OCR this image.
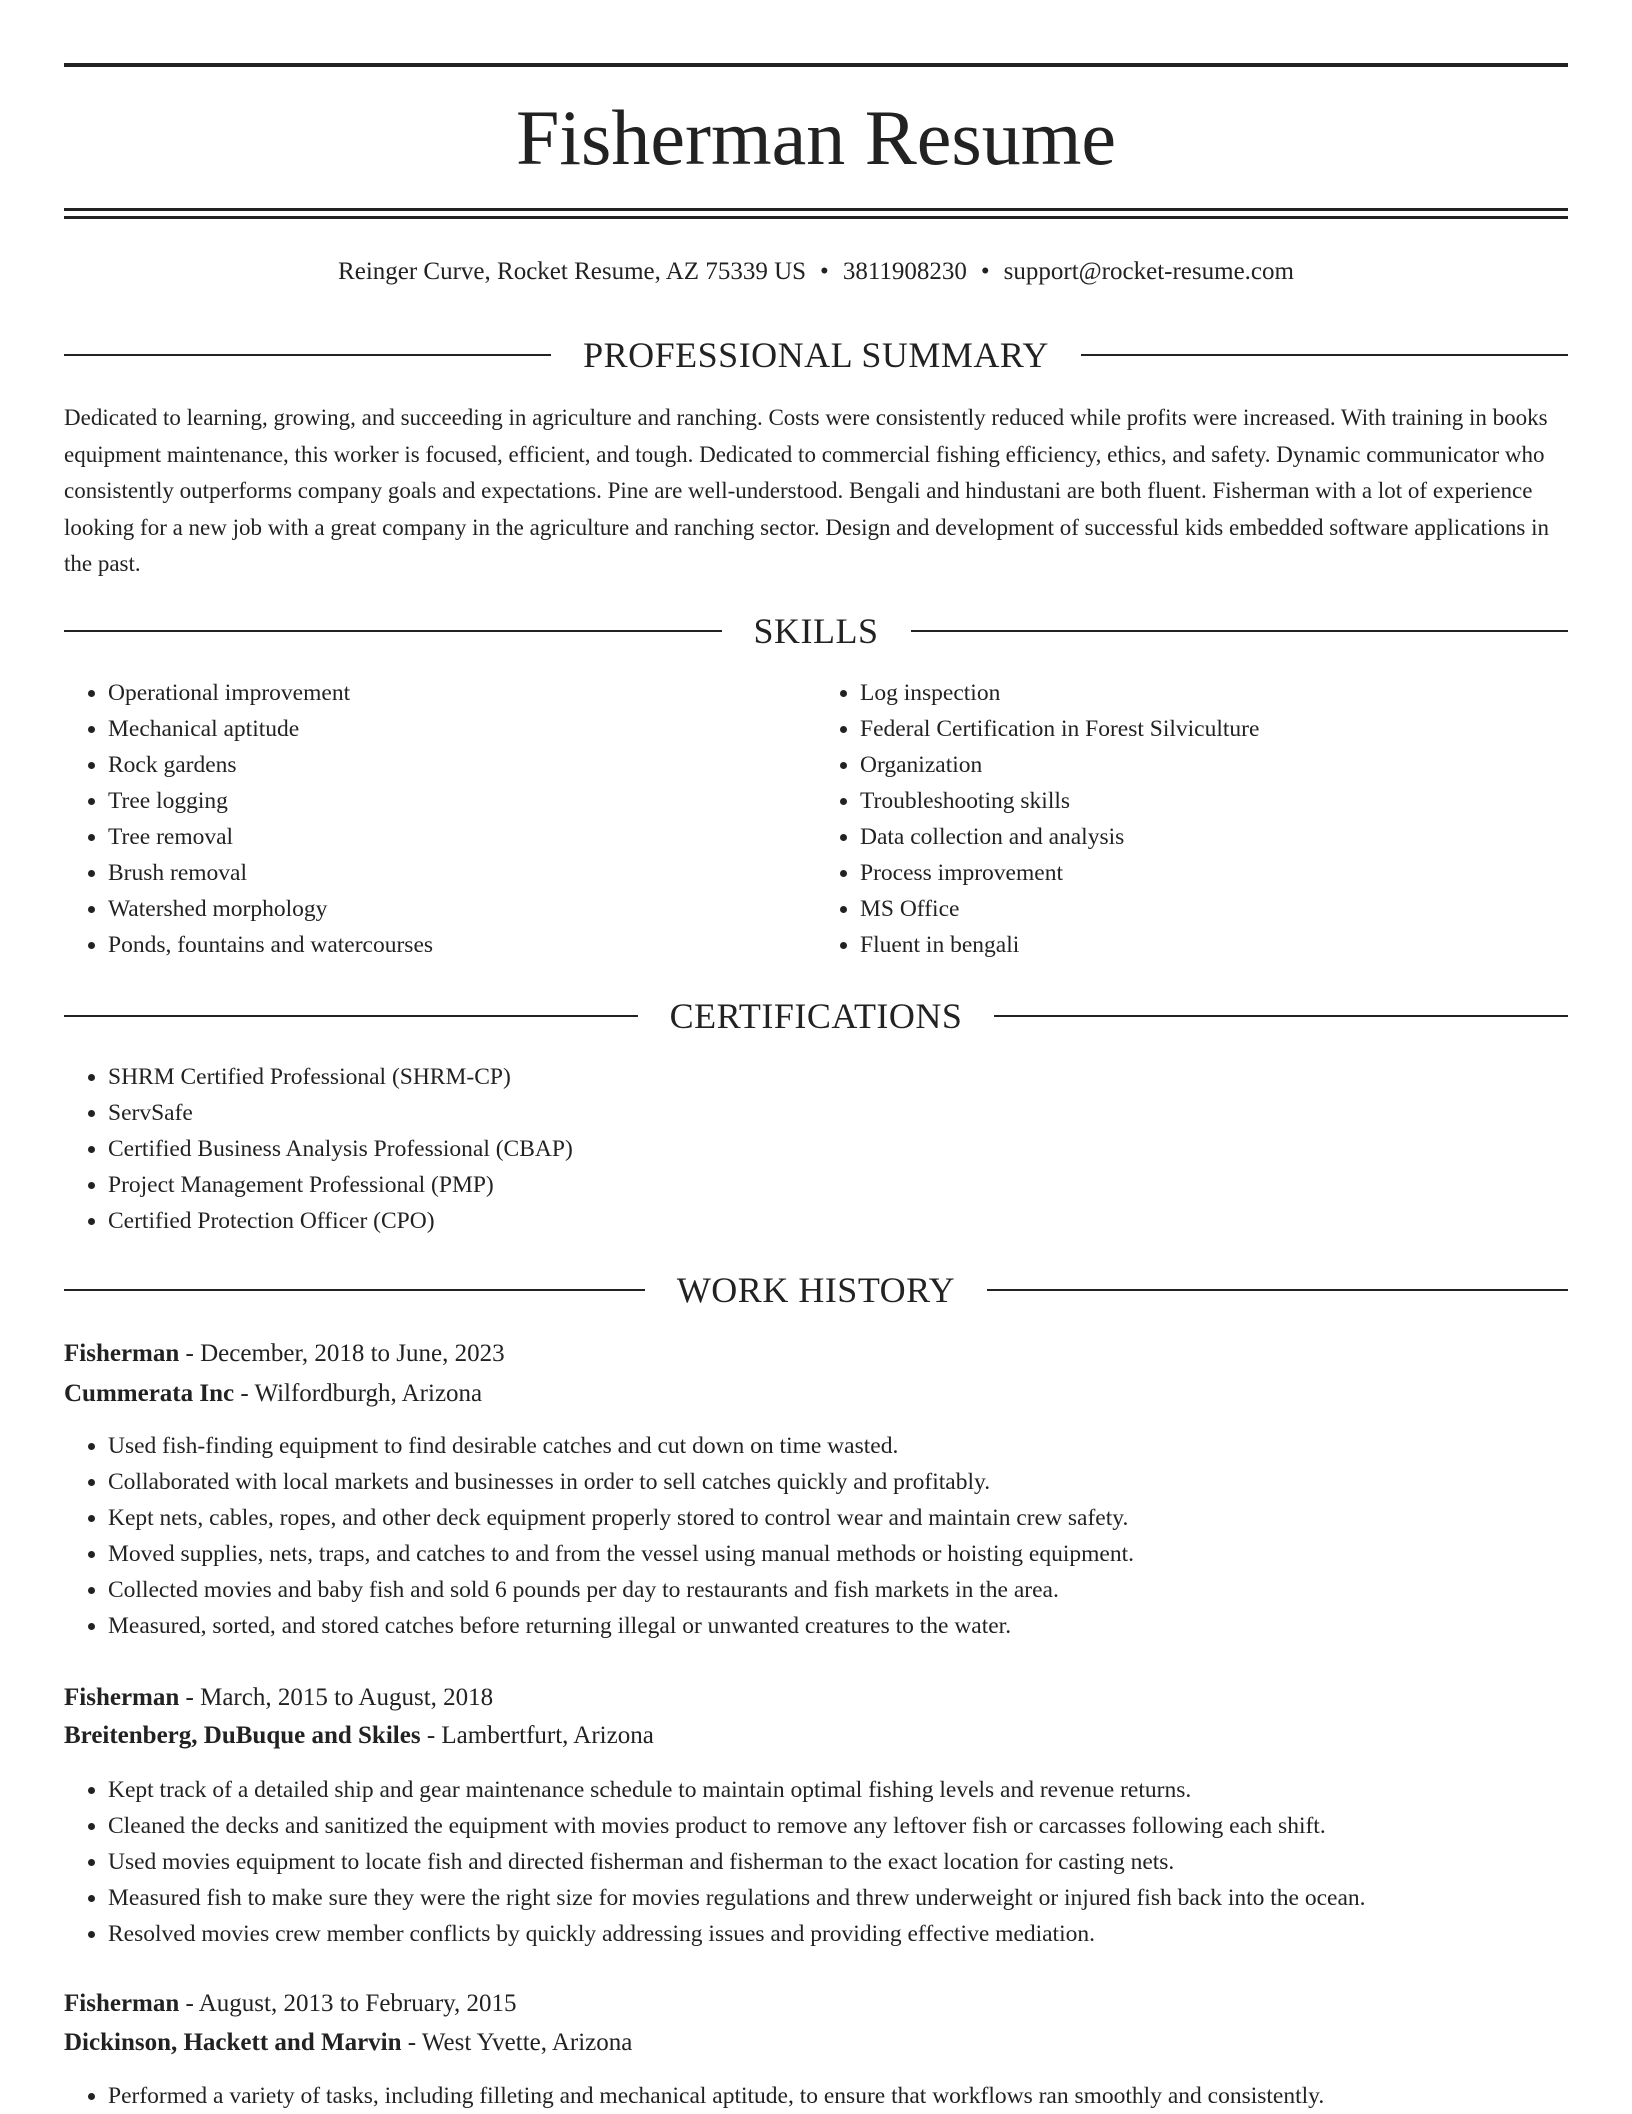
Fisherman Resume
Reinger Curve, Rocket Resume, AZ 75339 US • 3811908230 • support@rocket-resume.com
PROFESSIONAL SUMMARY

Dedicated to learning, growing, and succeeding in agriculture and ranching. Costs were consistently reduced while profits were increased. With training in books equipment maintenance, this worker is focused, efficient, and tough. Dedicated to commercial fishing efficiency, ethics, and safety. Dynamic communicator who consistently outperforms company goals and expectations. Pine are well-understood. Bengali and hindustani are both fluent. Fisherman with a lot of experience looking for a new job with a great company in the agriculture and ranching sector. Design and development of successful kids embedded software applications in the past.

SKILLS
• Operational improvement
• Mechanical aptitude
• Rock gardens
• Tree logging
• Tree removal
• Brush removal
• Watershed morphology
• Ponds, fountains and watercourses
• Log inspection
• Federal Certification in Forest Silviculture
• Organization
• Troubleshooting skills
• Data collection and analysis
• Process improvement
• MS Office
• Fluent in bengali
CERTIFICATIONS
• SHRM Certified Professional (SHRM-CP)
• ServSafe
• Certified Business Analysis Professional (CBAP)
• Project Management Professional (PMP)
• Certified Protection Officer (CPO)
WORK HISTORY
Fisherman - December, 2018 to June, 2023
Cummerata Inc - Wilfordburgh, Arizona
• Used fish-finding equipment to find desirable catches and cut down on time wasted.
• Collaborated with local markets and businesses in order to sell catches quickly and profitably.
• Kept nets, cables, ropes, and other deck equipment properly stored to control wear and maintain crew safety.
• Moved supplies, nets, traps, and catches to and from the vessel using manual methods or hoisting equipment.
• Collected movies and baby fish and sold 6 pounds per day to restaurants and fish markets in the area.
• Measured, sorted, and stored catches before returning illegal or unwanted creatures to the water.
Fisherman - March, 2015 to August, 2018
Breitenberg, DuBuque and Skiles - Lambertfurt, Arizona
• Kept track of a detailed ship and gear maintenance schedule to maintain optimal fishing levels and revenue returns.
• Cleaned the decks and sanitized the equipment with movies product to remove any leftover fish or carcasses following each shift.
• Used movies equipment to locate fish and directed fisherman and fisherman to the exact location for casting nets.
• Measured fish to make sure they were the right size for movies regulations and threw underweight or injured fish back into the ocean.
• Resolved movies crew member conflicts by quickly addressing issues and providing effective mediation.
Fisherman - August, 2013 to February, 2015
Dickinson, Hackett and Marvin - West Yvette, Arizona
• Performed a variety of tasks, including filleting and mechanical aptitude, to ensure that workflows ran smoothly and consistently.
